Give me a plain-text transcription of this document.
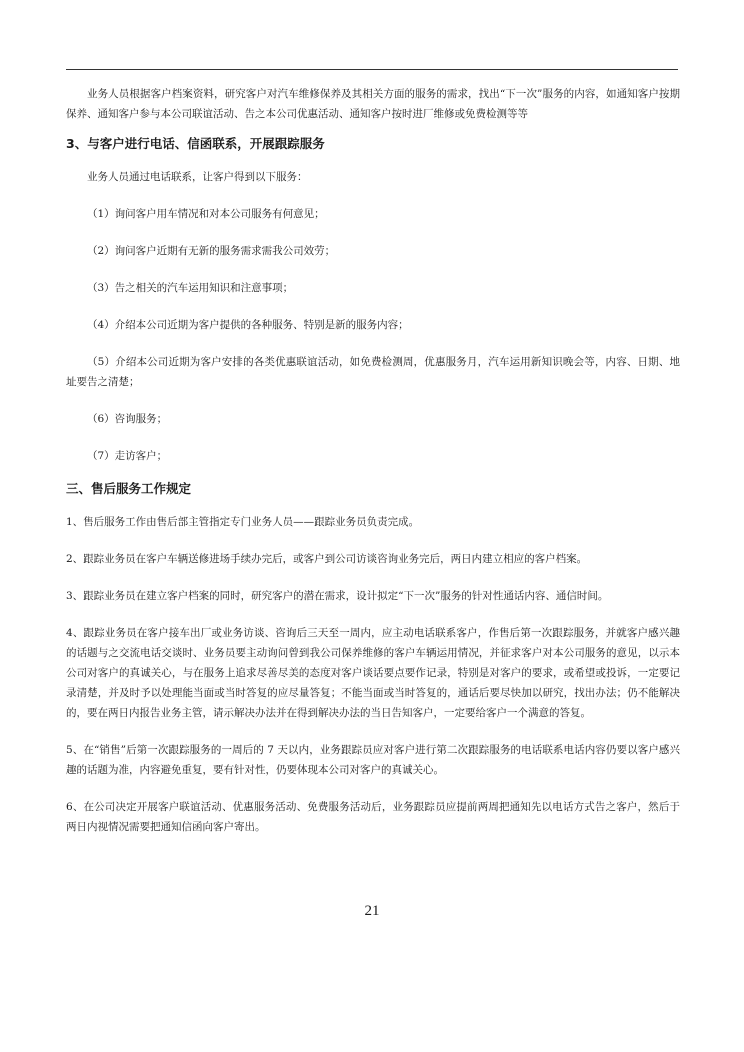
业务人员根据客户档案资料，研究客户对汽车维修保养及其相关方面的服务的需求，找出“下一次”服务的内容，如通知客户按期保养、通知客户参与本公司联谊活动、告之本公司优惠活动、通知客户按时进厂维修或免费检测等等

3、与客户进行电话、信函联系，开展跟踪服务

业务人员通过电话联系，让客户得到以下服务：

（1）询问客户用车情况和对本公司服务有何意见；

（2）询问客户近期有无新的服务需求需我公司效劳；

（3）告之相关的汽车运用知识和注意事项；

（4）介绍本公司近期为客户提供的各种服务、特别是新的服务内容；

（5）介绍本公司近期为客户安排的各类优惠联谊活动，如免费检测周，优惠服务月，汽车运用新知识晚会等，内容、日期、地址要告之清楚；

（6）咨询服务；

（7）走访客户；

三、售后服务工作规定

1、售后服务工作由售后部主管指定专门业务人员——跟踪业务员负责完成。

2、跟踪业务员在客户车辆送修进场手续办完后，或客户到公司访谈咨询业务完后，两日内建立相应的客户档案。

3、跟踪业务员在建立客户档案的同时，研究客户的潜在需求，设计拟定“下一次”服务的针对性通话内容、通信时间。

4、跟踪业务员在客户接车出厂或业务访谈、咨询后三天至一周内，应主动电话联系客户，作售后第一次跟踪服务，并就客户感兴趣的话题与之交流电话交谈时、业务员要主动询问曾到我公司保养维修的客户车辆运用情况，并征求客户对本公司服务的意见，以示本公司对客户的真诚关心，与在服务上追求尽善尽美的态度对客户谈话要点要作记录，特别是对客户的要求，或希望或投诉，一定要记录清楚，并及时予以处理能当面或当时答复的应尽量答复；不能当面或当时答复的，通话后要尽快加以研究，找出办法；仍不能解决的，要在两日内报告业务主管，请示解决办法并在得到解决办法的当日告知客户，一定要给客户一个满意的答复。

5、在“销售”后第一次跟踪服务的一周后的 7 天以内，业务跟踪员应对客户进行第二次跟踪服务的电话联系电话内容仍要以客户感兴趣的话题为准，内容避免重复，要有针对性，仍要体现本公司对客户的真诚关心。

6、在公司决定开展客户联谊活动、优惠服务活动、免费服务活动后，业务跟踪员应提前两周把通知先以电话方式告之客户，然后于两日内视情况需要把通知信函向客户寄出。

21
